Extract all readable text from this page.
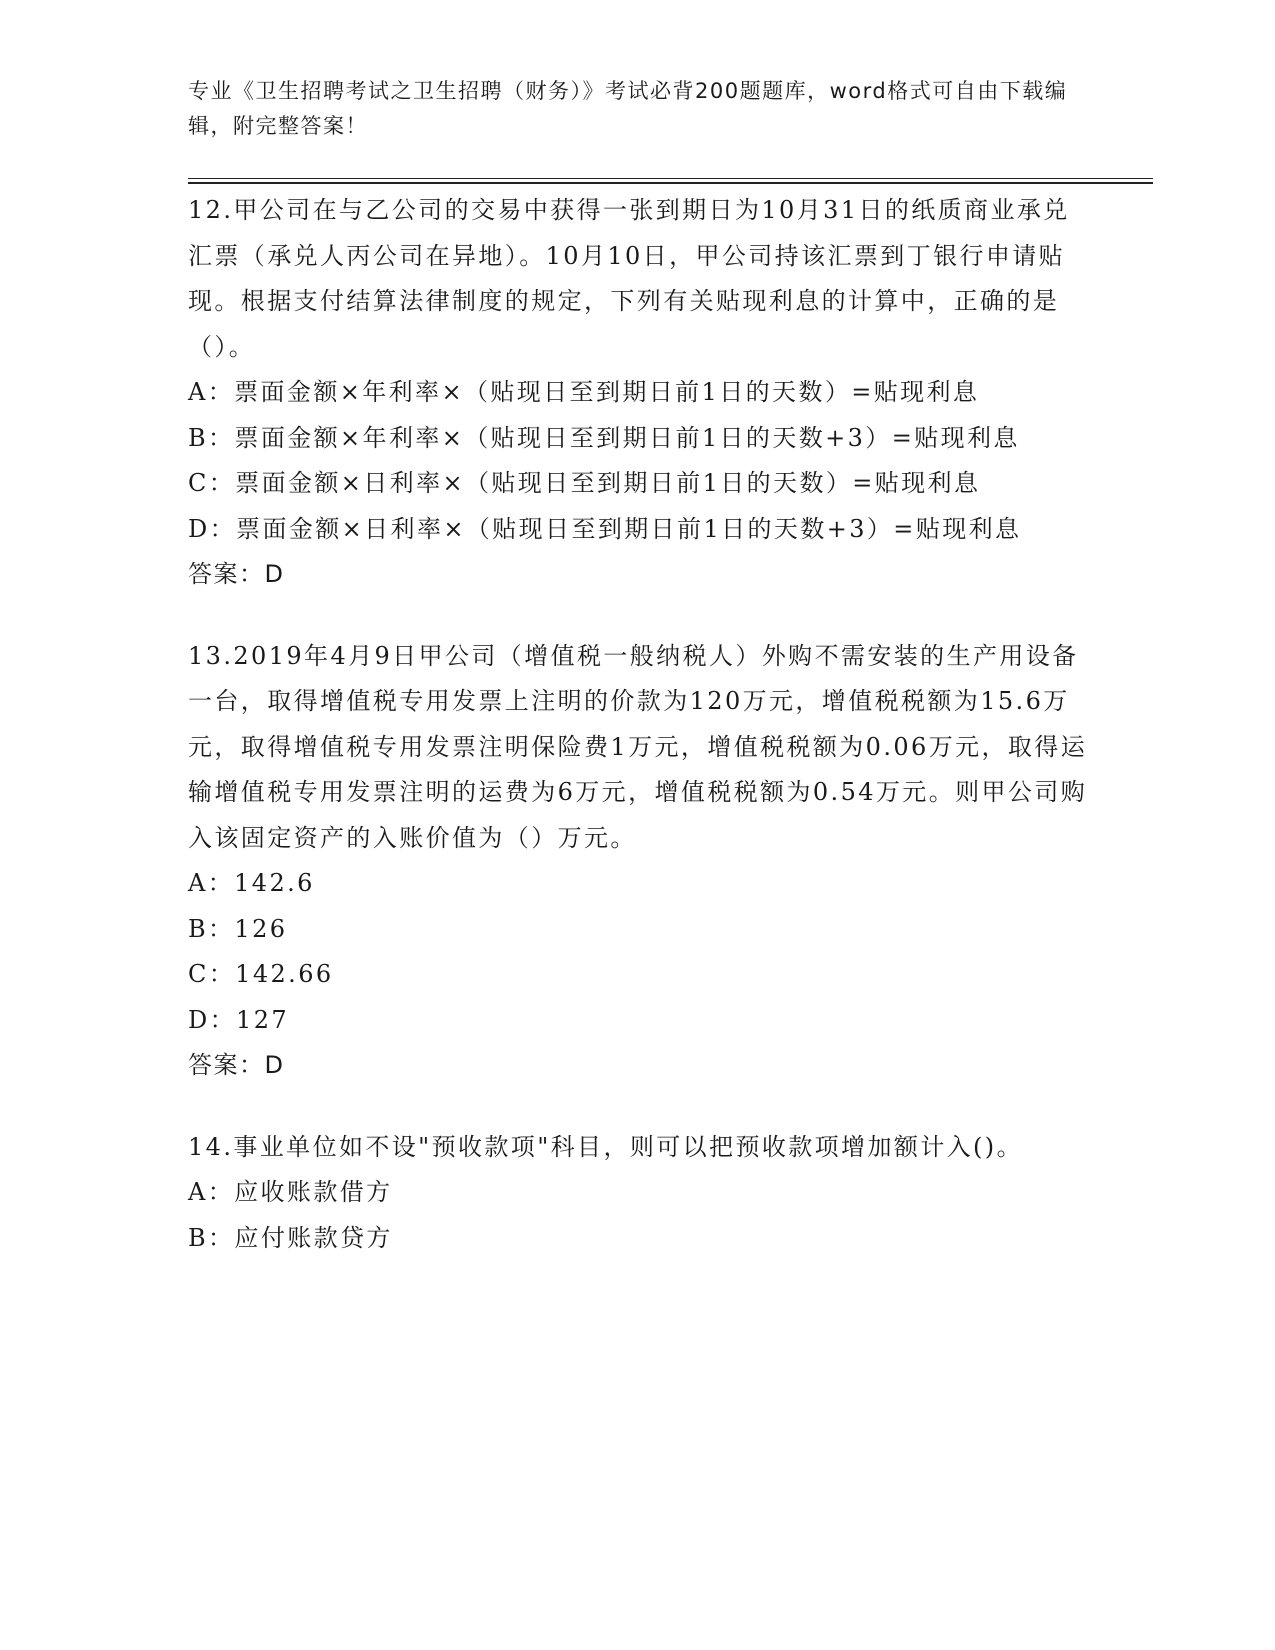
专业《卫生招聘考试之卫生招聘（财务）》考试必背200题题库，word格式可自由下载编辑，附完整答案！
12.甲公司在与乙公司的交易中获得一张到期日为10月31日的纸质商业承兑汇票（承兑人丙公司在异地）。10月10日，甲公司持该汇票到丁银行申请贴现。根据支付结算法律制度的规定，下列有关贴现利息的计算中，正确的是（）。
A：票面金额×年利率×（贴现日至到期日前1日的天数）=贴现利息
B：票面金额×年利率×（贴现日至到期日前1日的天数+3）=贴现利息
C：票面金额×日利率×（贴现日至到期日前1日的天数）=贴现利息
D：票面金额×日利率×（贴现日至到期日前1日的天数+3）=贴现利息
答案：D
13.2019年4月9日甲公司（增值税一般纳税人）外购不需安装的生产用设备一台，取得增值税专用发票上注明的价款为120万元，增值税税额为15.6万元，取得增值税专用发票注明保险费1万元，增值税税额为0.06万元，取得运输增值税专用发票注明的运费为6万元，增值税税额为0.54万元。则甲公司购入该固定资产的入账价值为（）万元。
A：142.6
B：126
C：142.66
D：127
答案：D
14.事业单位如不设"预收款项"科目，则可以把预收款项增加额计入()。
A：应收账款借方
B：应付账款贷方
